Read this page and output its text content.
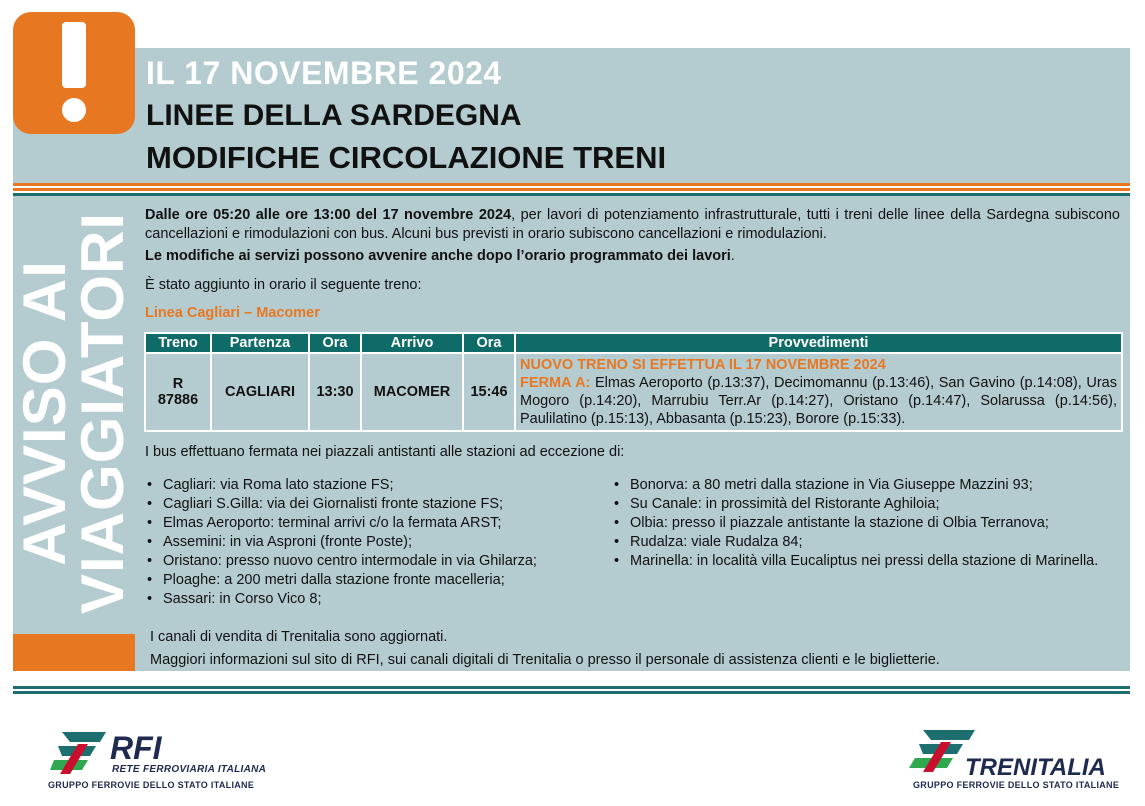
AVVISO AI
VIAGGIATORI
IL 17 NOVEMBRE 2024
LINEE DELLA SARDEGNA
MODIFICHE CIRCOLAZIONE TRENI
Dalle ore 05:20 alle ore 13:00 del 17 novembre 2024, per lavori di potenziamento infrastrutturale, tutti i treni delle linee della Sardegna subiscono cancellazioni e rimodulazioni con bus. Alcuni bus previsti in orario subiscono cancellazioni e rimodulazioni.
Le modifiche ai servizi possono avvenire anche dopo l’orario programmato dei lavori.
È stato aggiunto in orario il seguente treno:
Linea Cagliari – Macomer
Treno	Partenza	Ora	Arrivo	Ora	Provvedimenti
R
87886	CAGLIARI	13:30	MACOMER	15:46	NUOVO TRENO SI EFFETTUA IL 17 NOVEMBRE 2024
FERMA A: Elmas Aeroporto (p.13:37), Decimomannu (p.13:46), San Gavino (p.14:08), Uras Mogoro (p.14:20), Marrubiu Terr.Ar (p.14:27), Oristano (p.14:47), Solarussa (p.14:56), Paulilatino (p.15:13), Abbasanta (p.15:23), Borore (p.15:33).
I bus effettuano fermata nei piazzali antistanti alle stazioni ad eccezione di:
• Cagliari: via Roma lato stazione FS;
• Cagliari S.Gilla: via dei Giornalisti fronte stazione FS;
• Elmas Aeroporto: terminal arrivi c/o la fermata ARST;
• Assemini: in via Aspronі (fronte Poste);
• Oristano: presso nuovo centro intermodale in via Ghilarza;
• Ploaghe: a 200 metri dalla stazione fronte macelleria;
• Sassari: in Corso Vico 8;
• Bonorva: a 80 metri dalla stazione in Via Giuseppe Mazzini 93;
• Su Canale: in prossimità del Ristorante Aghiloia;
• Olbia: presso il piazzale antistante la stazione di Olbia Terranova;
• Rudalza: viale Rudalza 84;
• Marinella: in località villa Eucaliptus nei pressi della stazione di Marinella.
I canali di vendita di Trenitalia sono aggiornati.
Maggiori informazioni sul sito di RFI, sui canali digitali di Trenitalia o presso il personale di assistenza clienti e le biglietterie.
RFI
RETE FERROVIARIA ITALIANA
GRUPPO FERROVIE DELLO STATO ITALIANE
TRENITALIA
GRUPPO FERROVIE DELLO STATO ITALIANE
